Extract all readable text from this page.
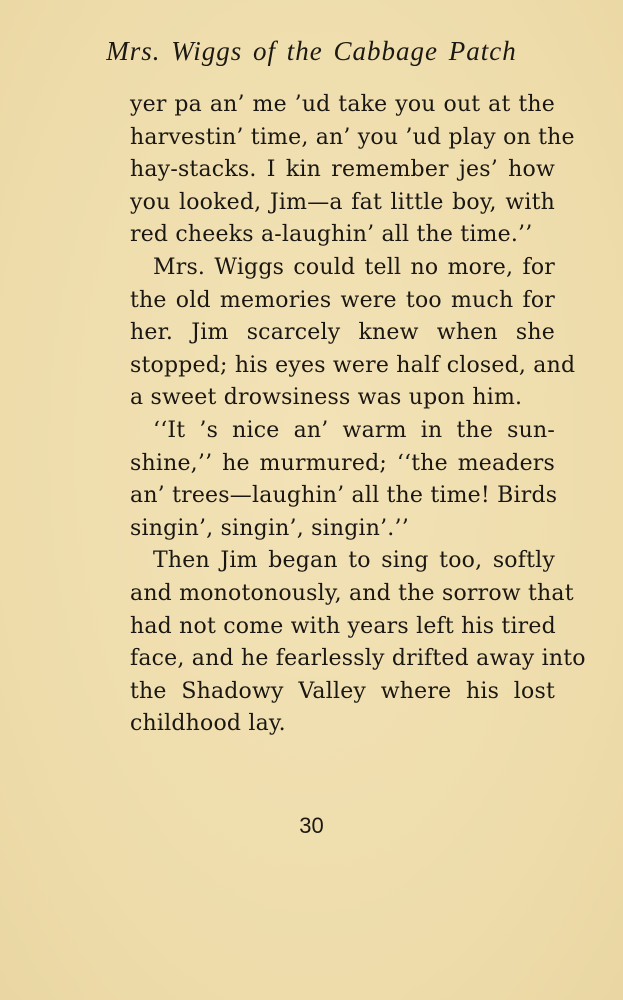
Mrs. Wiggs of the Cabbage Patch
yer pa an’ me ’ud take you out at the
harvestin’ time, an’ you ’ud play on the
hay-stacks. I kin remember jes’ how
you looked, Jim—a fat little boy, with
red cheeks a-laughin’ all the time.’’
Mrs. Wiggs could tell no more, for
the old memories were too much for
her. Jim scarcely knew when she
stopped; his eyes were half closed, and
a sweet drowsiness was upon him.
‘‘It ’s nice an’ warm in the sun-
shine,’’ he murmured; ‘‘the meaders
an’ trees—laughin’ all the time! Birds
singin’, singin’, singin’.’’
Then Jim began to sing too, softly
and monotonously, and the sorrow that
had not come with years left his tired
face, and he fearlessly drifted away into
the Shadowy Valley where his lost
childhood lay.
30
